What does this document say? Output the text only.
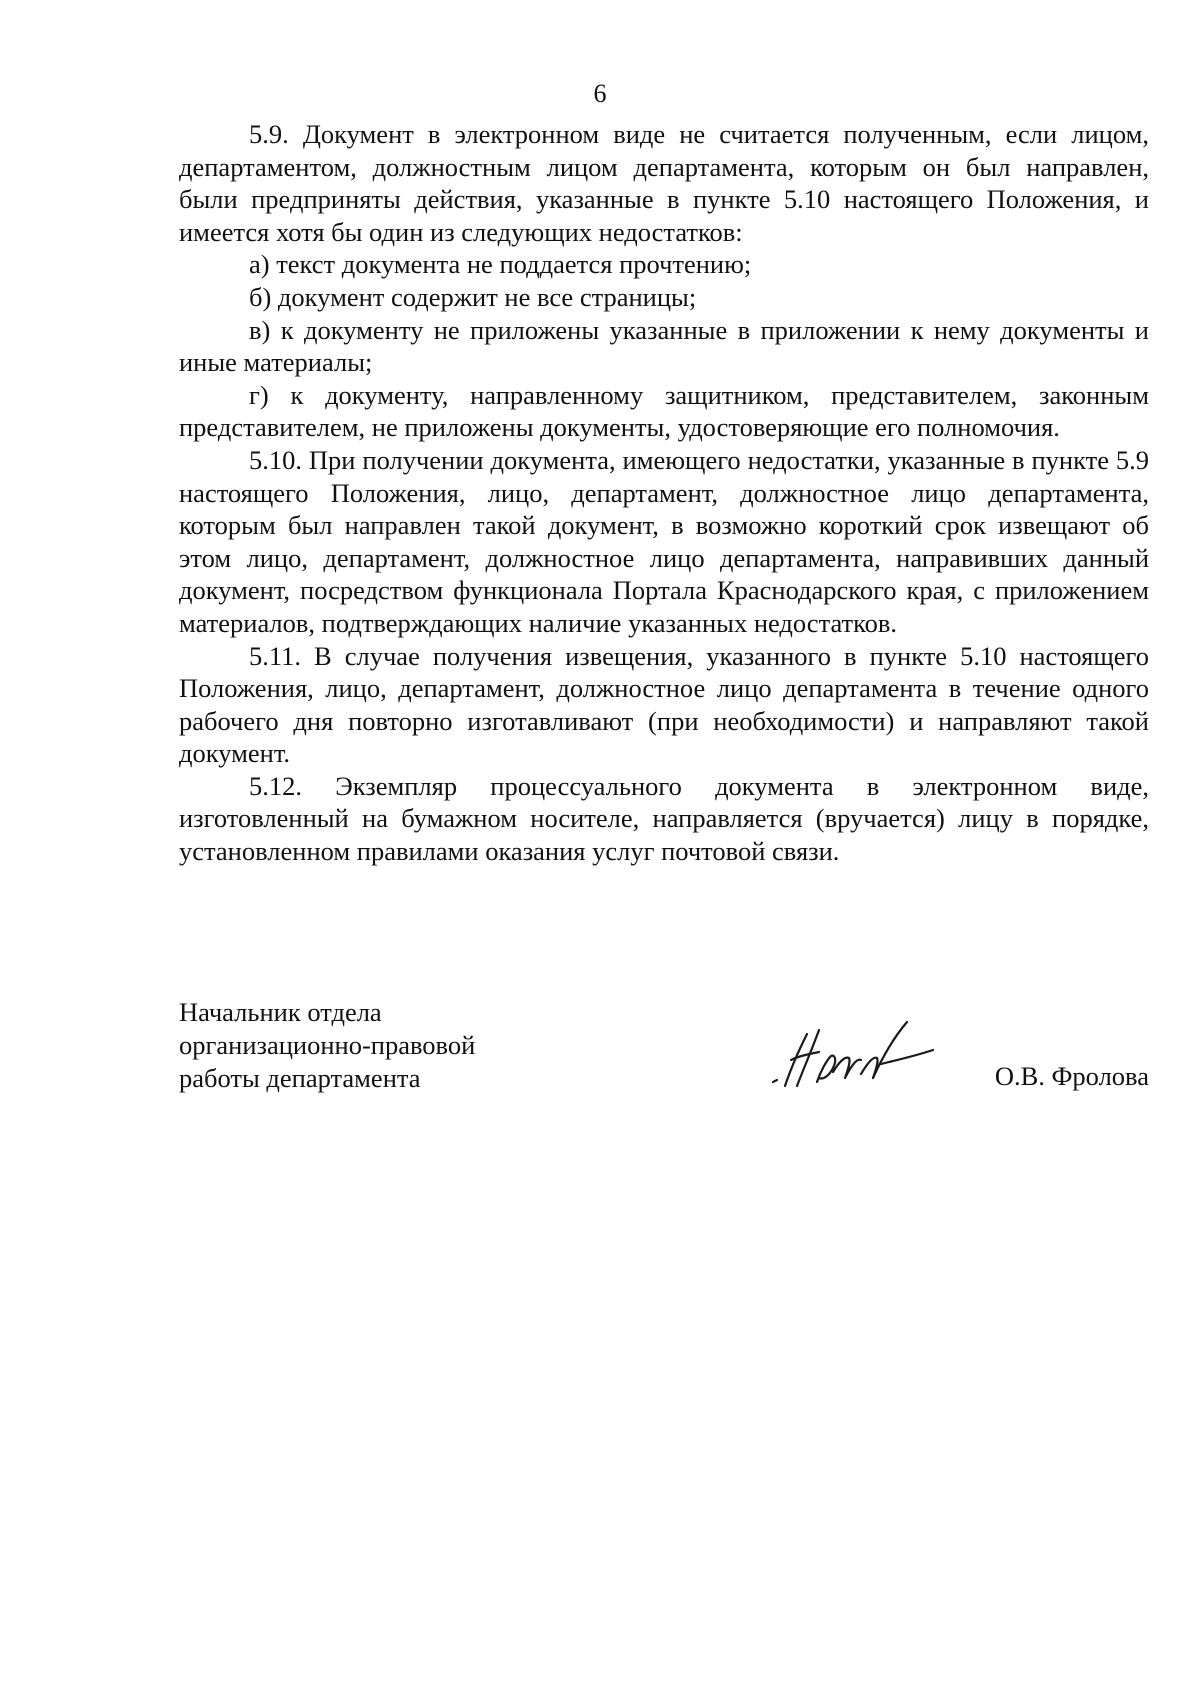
6

5.9. Документ в электронном виде не считается полученным, если лицом, департаментом, должностным лицом департамента, которым он был направлен, были предприняты действия, указанные в пункте 5.10 настоящего Положения, и имеется хотя бы один из следующих недостатков:

а) текст документа не поддается прочтению;

б) документ содержит не все страницы;

в) к документу не приложены указанные в приложении к нему документы и иные материалы;

г) к документу, направленному защитником, представителем, законным представителем, не приложены документы, удостоверяющие его полномочия.

5.10. При получении документа, имеющего недостатки, указанные в пункте 5.9 настоящего Положения, лицо, департамент, должностное лицо департамента, которым был направлен такой документ, в возможно короткий срок извещают об этом лицо, департамент, должностное лицо департамента, направивших данный документ, посредством функционала Портала Краснодарского края, с приложением материалов, подтверждающих наличие указанных недостатков.

5.11. В случае получения извещения, указанного в пункте 5.10 настоящего Положения, лицо, департамент, должностное лицо департамента в течение одного рабочего дня повторно изготавливают (при необходимости) и направляют такой документ.

5.12. Экземпляр процессуального документа в электронном виде, изготовленный на бумажном носителе, направляется (вручается) лицу в порядке, установленном правилами оказания услуг почтовой связи.

Начальник отдела
организационно-правовой
работы департамента	О.В. Фролова
